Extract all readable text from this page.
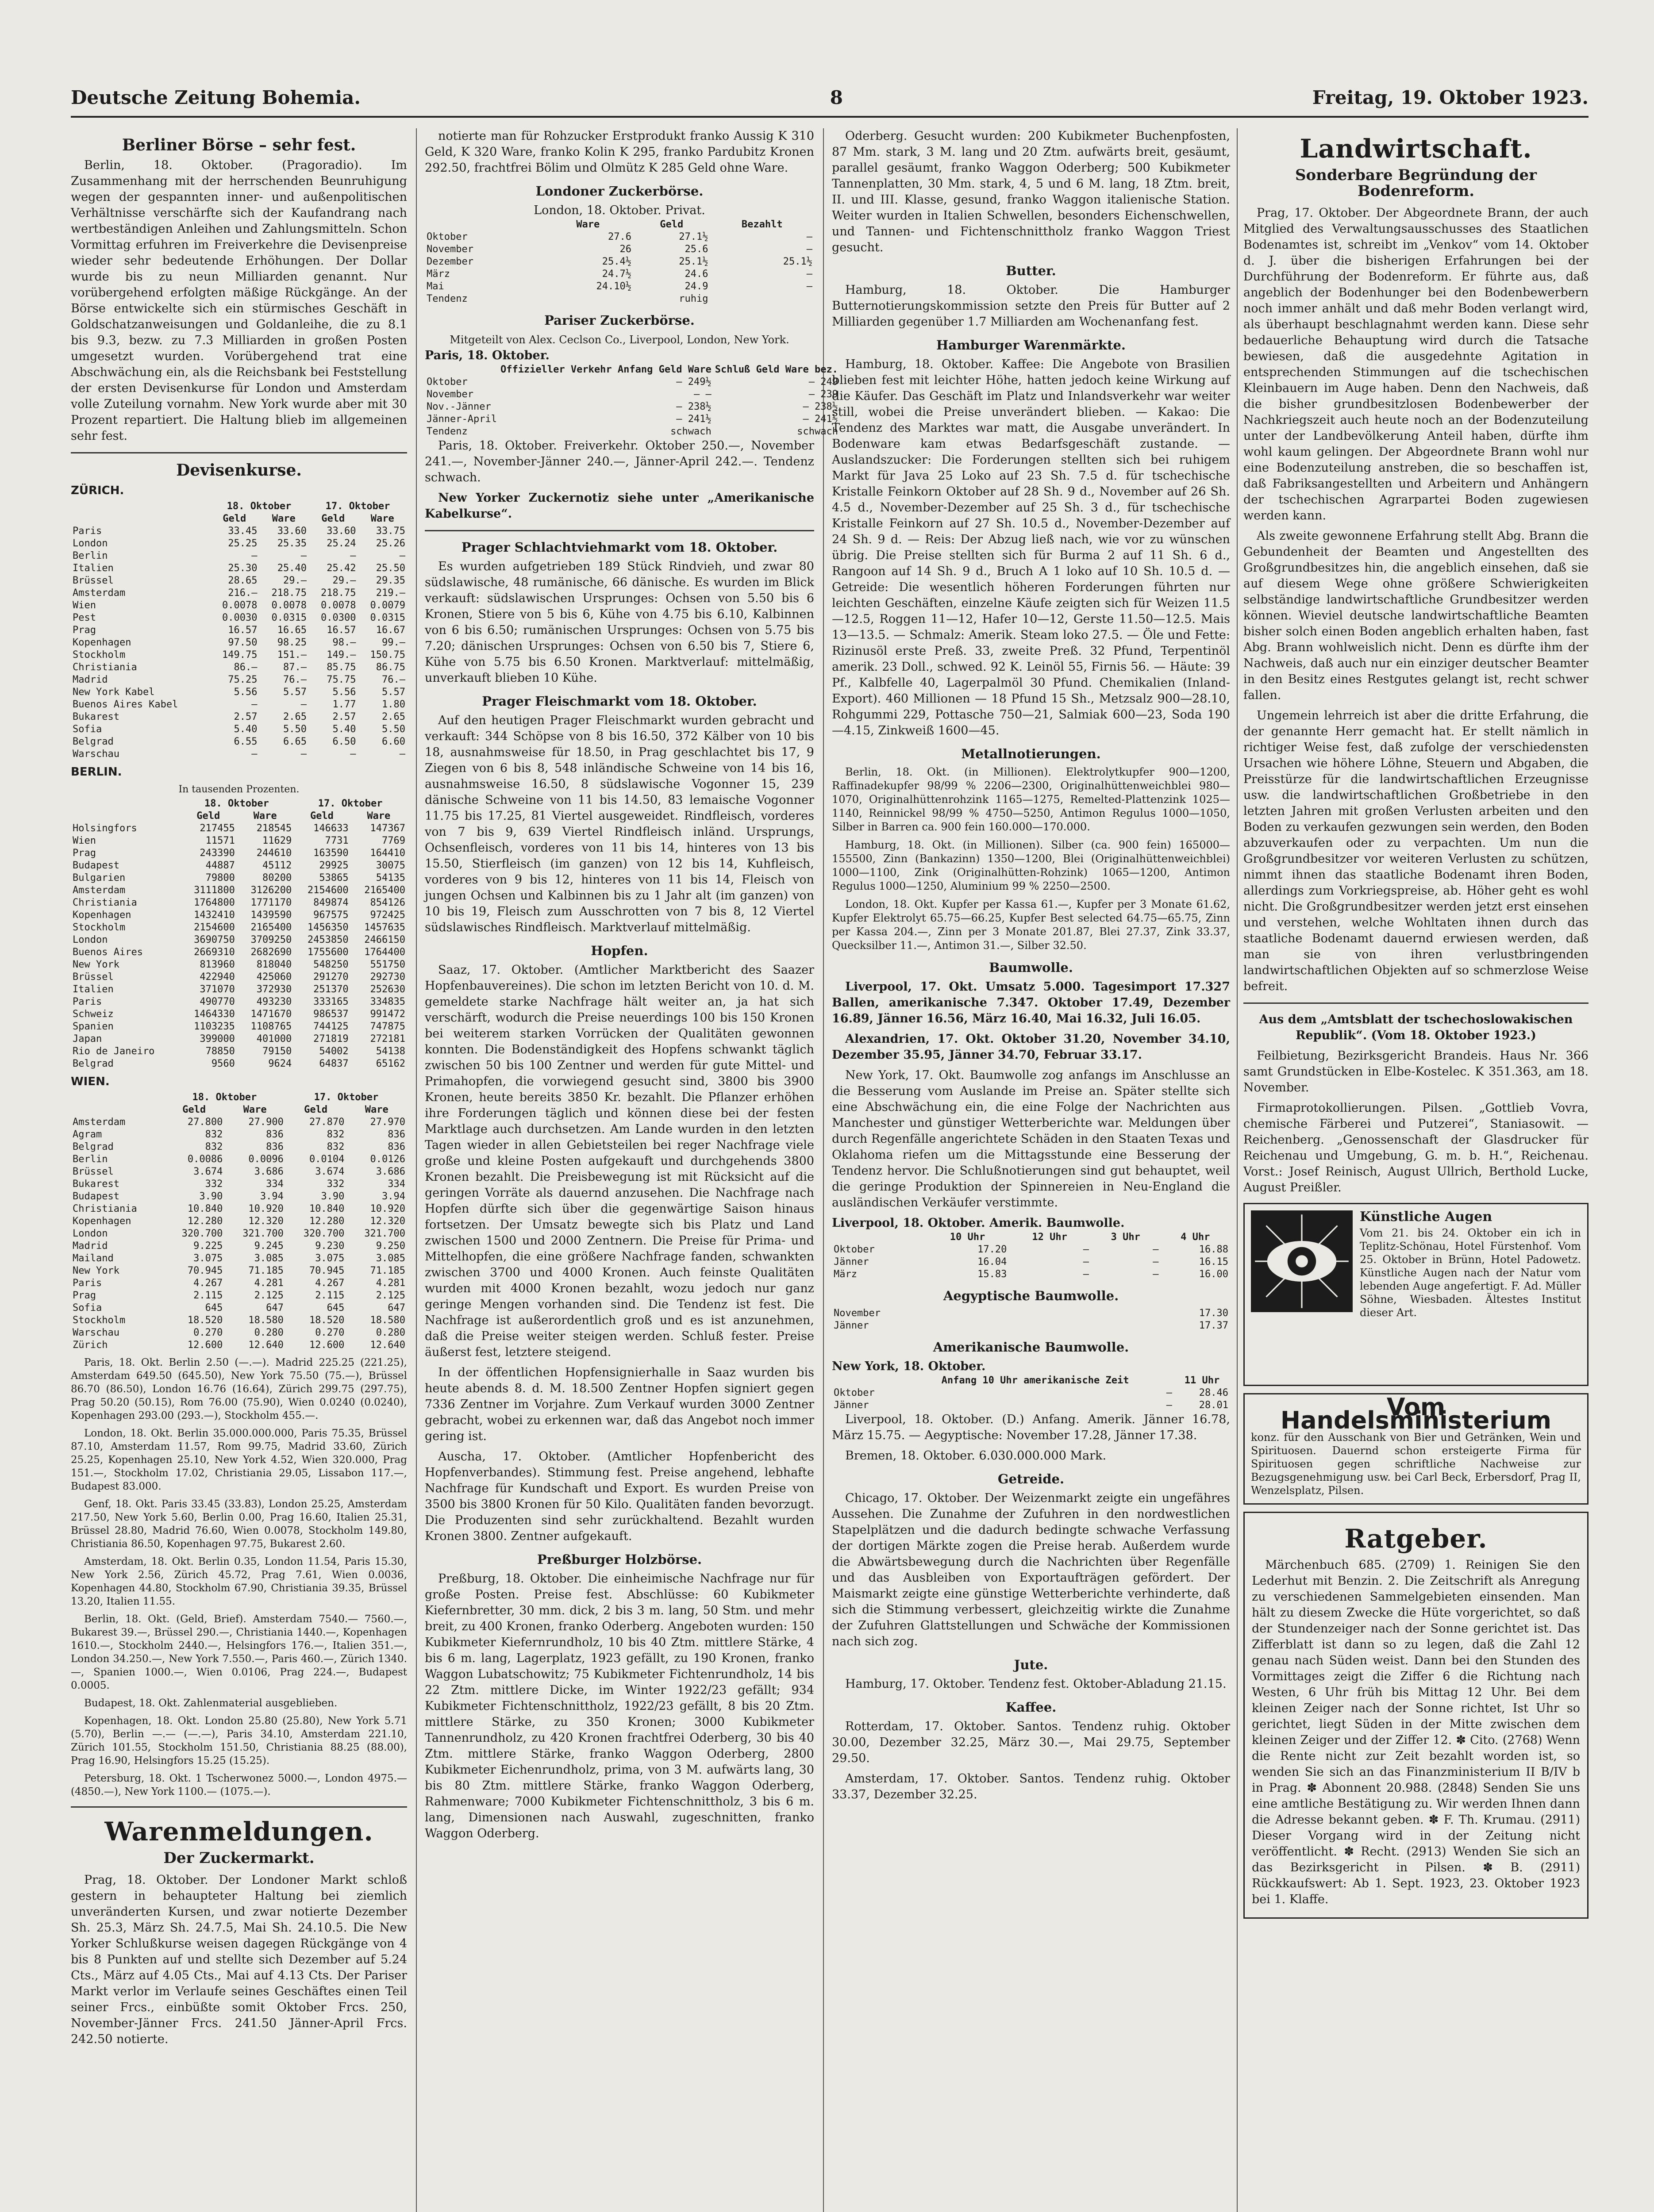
Deutsche Zeitung Bohemia.	8	Freitag, 19. Oktober 1923.
Berliner Börse – sehr fest.

Berlin, 18. Oktober. (Pragoradio). Im Zusammenhang mit der herrschenden Beunruhigung wegen der gespannten inner- und außenpolitischen Verhältnisse verschärfte sich der Kaufandrang nach wertbeständigen Anleihen und Zahlungsmitteln. Schon Vormittag erfuhren im Freiverkehre die Devisenpreise wieder sehr bedeutende Erhöhungen. Der Dollar wurde bis zu neun Milliarden genannt. Nur vorübergehend erfolgten mäßige Rückgänge. An der Börse entwickelte sich ein stürmisches Geschäft in Goldschatzanweisungen und Goldanleihe, die zu 8.1 bis 9.3, bezw. zu 7.3 Milliarden in großen Posten umgesetzt wurden. Vorübergehend trat eine Abschwächung ein, als die Reichsbank bei Feststellung der ersten Devisenkurse für London und Amsterdam volle Zuteilung vornahm. New York wurde aber mit 30 Prozent repartiert. Die Haltung blieb im allgemeinen sehr fest.

Devisenkurse.
ZÜRICH.
	18. Oktober		17. Oktober	
	Geld	Ware	Geld	Ware
Paris	33.45	33.60	33.60	33.75
London	25.25	25.35	25.24	25.26
Berlin	–	–	–	–
Italien	25.30	25.40	25.42	25.50
Brüssel	28.65	29.–	29.–	29.35
Amsterdam	216.–	218.75	218.75	219.–
Wien	0.0078	0.0078	0.0078	0.0079
Pest	0.0030	0.0315	0.0300	0.0315
Prag	16.57	16.65	16.57	16.67
Kopenhagen	97.50	98.25	98.–	99.–
Stockholm	149.75	151.–	149.–	150.75
Christiania	86.–	87.–	85.75	86.75
Madrid	75.25	76.–	75.75	76.–
New York Kabel	5.56	5.57	5.56	5.57
Buenos Aires Kabel	–	–	1.77	1.80
Bukarest	2.57	2.65	2.57	2.65
Sofia	5.40	5.50	5.40	5.50
Belgrad	6.55	6.65	6.50	6.60
Warschau	–	–	–	–
BERLIN.
In tausenden Prozenten.
	18. Oktober		17. Oktober	
	Geld	Ware	Geld	Ware
Holsingfors	217455	218545	146633	147367
Wien	11571	11629	7731	7769
Prag	243390	244610	163590	164410
Budapest	44887	45112	29925	30075
Bulgarien	79800	80200	53865	54135
Amsterdam	3111800	3126200	2154600	2165400
Christiania	1764800	1771170	849874	854126
Kopenhagen	1432410	1439590	967575	972425
Stockholm	2154600	2165400	1456350	1457635
London	3690750	3709250	2453850	2466150
Buenos Aires	2669310	2682690	1755600	1764400
New York	813960	818040	548250	551750
Brüssel	422940	425060	291270	292730
Italien	371070	372930	251370	252630
Paris	490770	493230	333165	334835
Schweiz	1464330	1471670	986537	991472
Spanien	1103235	1108765	744125	747875
Japan	399000	401000	271819	272181
Rio de Janeiro	78850	79150	54002	54138
Belgrad	9560	9624	64837	65162
WIEN.
	18. Oktober		17. Oktober	
	Geld	Ware	Geld	Ware
Amsterdam	27.800	27.900	27.870	27.970
Agram	832	836	832	836
Belgrad	832	836	832	836
Berlin	0.0086	0.0096	0.0104	0.0126
Brüssel	3.674	3.686	3.674	3.686
Bukarest	332	334	332	334
Budapest	3.90	3.94	3.90	3.94
Christiania	10.840	10.920	10.840	10.920
Kopenhagen	12.280	12.320	12.280	12.320
London	320.700	321.700	320.700	321.700
Madrid	9.225	9.245	9.230	9.250
Mailand	3.075	3.085	3.075	3.085
New York	70.945	71.185	70.945	71.185
Paris	4.267	4.281	4.267	4.281
Prag	2.115	2.125	2.115	2.125
Sofia	645	647	645	647
Stockholm	18.520	18.580	18.520	18.580
Warschau	0.270	0.280	0.270	0.280
Zürich	12.600	12.640	12.600	12.640

Paris, 18. Okt. Berlin 2.50 (—.—). Madrid 225.25 (221.25), Amsterdam 649.50 (645.50), New York 75.50 (75.—), Brüssel 86.70 (86.50), London 16.76 (16.64), Zürich 299.75 (297.75), Prag 50.20 (50.15), Rom 76.00 (75.90), Wien 0.0240 (0.0240), Kopenhagen 293.00 (293.—), Stockholm 455.—.

London, 18. Okt. Berlin 35.000.000.000, Paris 75.35, Brüssel 87.10, Amsterdam 11.57, Rom 99.75, Madrid 33.60, Zürich 25.25, Kopenhagen 25.10, New York 4.52, Wien 320.000, Prag 151.—, Stockholm 17.02, Christiania 29.05, Lissabon 117.—, Budapest 83.000.

Genf, 18. Okt. Paris 33.45 (33.83), London 25.25, Amsterdam 217.50, New York 5.60, Berlin 0.00, Prag 16.60, Italien 25.31, Brüssel 28.80, Madrid 76.60, Wien 0.0078, Stockholm 149.80, Christiania 86.50, Kopenhagen 97.75, Bukarest 2.60.

Amsterdam, 18. Okt. Berlin 0.35, London 11.54, Paris 15.30, New York 2.56, Zürich 45.72, Prag 7.61, Wien 0.0036, Kopenhagen 44.80, Stockholm 67.90, Christiania 39.35, Brüssel 13.20, Italien 11.55.

Berlin, 18. Okt. (Geld, Brief). Amsterdam 7540.— 7560.—, Bukarest 39.—, Brüssel 290.—, Christiania 1440.—, Kopenhagen 1610.—, Stockholm 2440.—, Helsingfors 176.—, Italien 351.—, London 34.250.—, New York 7.550.—, Paris 460.—, Zürich 1340.—, Spanien 1000.—, Wien 0.0106, Prag 224.—, Budapest 0.0005.

Budapest, 18. Okt. Zahlenmaterial ausgeblieben.

Kopenhagen, 18. Okt. London 25.80 (25.80), New York 5.71 (5.70), Berlin —.— (—.—), Paris 34.10, Amsterdam 221.10, Zürich 101.55, Stockholm 151.50, Christiania 88.25 (88.00), Prag 16.90, Helsingfors 15.25 (15.25).

Petersburg, 18. Okt. 1 Tscherwonez 5000.—, London 4975.— (4850.—), New York 1100.— (1075.—).

Warenmeldungen.
Der Zuckermarkt.

Prag, 18. Oktober. Der Londoner Markt schloß gestern in behaupteter Haltung bei ziemlich unveränderten Kursen, und zwar notierte Dezember Sh. 25.3, März Sh. 24.7.5, Mai Sh. 24.10.5. Die New Yorker Schlußkurse weisen dagegen Rückgänge von 4 bis 8 Punkten auf und stellte sich Dezember auf 5.24 Cts., März auf 4.05 Cts., Mai auf 4.13 Cts. Der Pariser Markt verlor im Verlaufe seines Geschäftes einen Teil seiner Frcs., einbüßte somit Oktober Frcs. 250, November-Jänner Frcs. 241.50 Jänner-April Frcs. 242.50 notierte.

notierte man für Rohzucker Erstprodukt franko Aussig K 310 Geld, K 320 Ware, franko Kolin K 295, franko Pardubitz Kronen 292.50, frachtfrei Bölim und Olmütz K 285 Geld ohne Ware.

Londoner Zuckerbörse.
London, 18. Oktober. Privat.
	Ware	Geld	Bezahlt
Oktober	27.6	27.1½	—
November	26	25.6	—
Dezember	25.4½	25.1½	25.1½
März	24.7½	24.6	—
Mai	24.10½	24.9	—
Tendenz		ruhig	
Pariser Zuckerbörse.
Mitgeteilt von Alex. Ceclson Co., Liverpool, London, New York.
Paris, 18. Oktober.
	Offizieller Verkehr Anfang Geld Ware	Schluß Geld Ware bez.
Oktober	— 249½	— 249
November	— —	— 239
Nov.-Jänner	— 238½	— 238½
Jänner-April	— 241½	— 241½
Tendenz	schwach	schwach

Paris, 18. Oktober. Freiverkehr. Oktober 250.—, November 241.—, November-Jänner 240.—, Jänner-April 242.—. Tendenz schwach.

New Yorker Zuckernotiz siehe unter „Amerikanische Kabelkurse“.

Prager Schlachtviehmarkt vom 18. Oktober.

Es wurden aufgetrieben 189 Stück Rindvieh, und zwar 80 südslawische, 48 rumänische, 66 dänische. Es wurden im Blick verkauft: südslawischen Ursprunges: Ochsen von 5.50 bis 6 Kronen, Stiere von 5 bis 6, Kühe von 4.75 bis 6.10, Kalbinnen von 6 bis 6.50; rumänischen Ursprunges: Ochsen von 5.75 bis 7.20; dänischen Ursprunges: Ochsen von 6.50 bis 7, Stiere 6, Kühe von 5.75 bis 6.50 Kronen. Marktverlauf: mittelmäßig, unverkauft blieben 10 Kühe.

Prager Fleischmarkt vom 18. Oktober.

Auf den heutigen Prager Fleischmarkt wurden gebracht und verkauft: 344 Schöpse von 8 bis 16.50, 372 Kälber von 10 bis 18, ausnahmsweise für 18.50, in Prag geschlachtet bis 17, 9 Ziegen von 6 bis 8, 548 inländische Schweine von 14 bis 16, ausnahmsweise 16.50, 8 südslawische Vogonner 15, 239 dänische Schweine von 11 bis 14.50, 83 lemaische Vogonner 11.75 bis 17.25, 81 Viertel ausgeweidet. Rindfleisch, vorderes von 7 bis 9, 639 Viertel Rindfleisch inländ. Ursprungs, Ochsenfleisch, vorderes von 11 bis 14, hinteres von 13 bis 15.50, Stierfleisch (im ganzen) von 12 bis 14, Kuhfleisch, vorderes von 9 bis 12, hinteres von 11 bis 14, Fleisch von jungen Ochsen und Kalbinnen bis zu 1 Jahr alt (im ganzen) von 10 bis 19, Fleisch zum Ausschrotten von 7 bis 8, 12 Viertel südslawisches Rindfleisch. Marktverlauf mittelmäßig.

Hopfen.

Saaz, 17. Oktober. (Amtlicher Marktbericht des Saazer Hopfenbauvereines). Die schon im letzten Bericht von 10. d. M. gemeldete starke Nachfrage hält weiter an, ja hat sich verschärft, wodurch die Preise neuerdings 100 bis 150 Kronen bei weiterem starken Vorrücken der Qualitäten gewonnen konnten. Die Bodenständigkeit des Hopfens schwankt täglich zwischen 50 bis 100 Zentner und werden für gute Mittel- und Primahopfen, die vorwiegend gesucht sind, 3800 bis 3900 Kronen, heute bereits 3850 Kr. bezahlt. Die Pflanzer erhöhen ihre Forderungen täglich und können diese bei der festen Marktlage auch durchsetzen. Am Lande wurden in den letzten Tagen wieder in allen Gebietsteilen bei reger Nachfrage viele große und kleine Posten aufgekauft und durchgehends 3800 Kronen bezahlt. Die Preisbewegung ist mit Rücksicht auf die geringen Vorräte als dauernd anzusehen. Die Nachfrage nach Hopfen dürfte sich über die gegenwärtige Saison hinaus fortsetzen. Der Umsatz bewegte sich bis Platz und Land zwischen 1500 und 2000 Zentnern. Die Preise für Prima- und Mittelhopfen, die eine größere Nachfrage fanden, schwankten zwischen 3700 und 4000 Kronen. Auch feinste Qualitäten wurden mit 4000 Kronen bezahlt, wozu jedoch nur ganz geringe Mengen vorhanden sind. Die Tendenz ist fest. Die Nachfrage ist außerordentlich groß und es ist anzunehmen, daß die Preise weiter steigen werden. Schluß fester. Preise äußerst fest, letztere steigend.

In der öffentlichen Hopfensignierhalle in Saaz wurden bis heute abends 8. d. M. 18.500 Zentner Hopfen signiert gegen 7336 Zentner im Vorjahre. Zum Verkauf wurden 3000 Zentner gebracht, wobei zu erkennen war, daß das Angebot noch immer gering ist.

Auscha, 17. Oktober. (Amtlicher Hopfenbericht des Hopfenverbandes). Stimmung fest. Preise angehend, lebhafte Nachfrage für Kundschaft und Export. Es wurden Preise von 3500 bis 3800 Kronen für 50 Kilo. Qualitäten fanden bevorzugt. Die Produzenten sind sehr zurückhaltend. Bezahlt wurden Kronen 3800. Zentner aufgekauft.

Preßburger Holzbörse.

Preßburg, 18. Oktober. Die einheimische Nachfrage nur für große Posten. Preise fest. Abschlüsse: 60 Kubikmeter Kiefernbretter, 30 mm. dick, 2 bis 3 m. lang, 50 Stm. und mehr breit, zu 400 Kronen, franko Oderberg. Angeboten wurden: 150 Kubikmeter Kiefernrundholz, 10 bis 40 Ztm. mittlere Stärke, 4 bis 6 m. lang, Lagerplatz, 1923 gefällt, zu 190 Kronen, franko Waggon Lubatschowitz; 75 Kubikmeter Fichtenrundholz, 14 bis 22 Ztm. mittlere Dicke, im Winter 1922/23 gefällt; 934 Kubikmeter Fichtenschnittholz, 1922/23 gefällt, 8 bis 20 Ztm. mittlere Stärke, zu 350 Kronen; 3000 Kubikmeter Tannenrundholz, zu 420 Kronen frachtfrei Oderberg, 30 bis 40 Ztm. mittlere Stärke, franko Waggon Oderberg, 2800 Kubikmeter Eichenrundholz, prima, von 3 M. aufwärts lang, 30 bis 80 Ztm. mittlere Stärke, franko Waggon Oderberg, Rahmenware; 7000 Kubikmeter Fichtenschnittholz, 3 bis 6 m. lang, Dimensionen nach Auswahl, zugeschnitten, franko Waggon Oderberg.

Oderberg. Gesucht wurden: 200 Kubikmeter Buchenpfosten, 87 Mm. stark, 3 M. lang und 20 Ztm. aufwärts breit, gesäumt, parallel gesäumt, franko Waggon Oderberg; 500 Kubikmeter Tannenplatten, 30 Mm. stark, 4, 5 und 6 M. lang, 18 Ztm. breit, II. und III. Klasse, gesund, franko Waggon italienische Station. Weiter wurden in Italien Schwellen, besonders Eichenschwellen, und Tannen- und Fichtenschnittholz franko Waggon Triest gesucht.

Butter.

Hamburg, 18. Oktober. Die Hamburger Butternotierungskommission setzte den Preis für Butter auf 2 Milliarden gegenüber 1.7 Milliarden am Wochenanfang fest.

Hamburger Warenmärkte.

Hamburg, 18. Oktober. Kaffee: Die Angebote von Brasilien blieben fest mit leichter Höhe, hatten jedoch keine Wirkung auf die Käufer. Das Geschäft im Platz und Inlandsverkehr war weiter still, wobei die Preise unverändert blieben. — Kakao: Die Tendenz des Marktes war matt, die Ausgabe unverändert. In Bodenware kam etwas Bedarfsgeschäft zustande. — Auslandszucker: Die Forderungen stellten sich bei ruhigem Markt für Java 25 Loko auf 23 Sh. 7.5 d. für tschechische Kristalle Feinkorn Oktober auf 28 Sh. 9 d., November auf 26 Sh. 4.5 d., November-Dezember auf 25 Sh. 3 d., für tschechische Kristalle Feinkorn auf 27 Sh. 10.5 d., November-Dezember auf 24 Sh. 9 d. — Reis: Der Abzug ließ nach, wie vor zu wünschen übrig. Die Preise stellten sich für Burma 2 auf 11 Sh. 6 d., Rangoon auf 14 Sh. 9 d., Bruch A 1 loko auf 10 Sh. 10.5 d. — Getreide: Die wesentlich höheren Forderungen führten nur leichten Geschäften, einzelne Käufe zeigten sich für Weizen 11.5—12.5, Roggen 11—12, Hafer 10—12, Gerste 11.50—12.5. Mais 13—13.5. — Schmalz: Amerik. Steam loko 27.5. — Öle und Fette: Rizinusöl erste Preß. 33, zweite Preß. 32 Pfund, Terpentinöl amerik. 23 Doll., schwed. 92 K. Leinöl 55, Firnis 56. — Häute: 39 Pf., Kalbfelle 40, Lagerpalmöl 30 Pfund. Chemikalien (Inland-Export). 460 Millionen — 18 Pfund 15 Sh., Metzsalz 900—28.10, Rohgummi 229, Pottasche 750—21, Salmiak 600—23, Soda 190—4.15, Zinkweiß 1600—45.

Metallnotierungen.

Berlin, 18. Okt. (in Millionen). Elektrolytkupfer 900—1200, Raffinadekupfer 98/99 % 2206—2300, Originalhüttenweichblei 980—1070, Originalhüttenrohzink 1165—1275, Remelted-Plattenzink 1025—1140, Reinnickel 98/99 % 4750—5250, Antimon Regulus 1000—1050, Silber in Barren ca. 900 fein 160.000—170.000.

Hamburg, 18. Okt. (in Millionen). Silber (ca. 900 fein) 165000—155500, Zinn (Bankazinn) 1350—1200, Blei (Originalhüttenweichblei) 1000—1100, Zink (Originalhütten-Rohzink) 1065—1200, Antimon Regulus 1000—1250, Aluminium 99 % 2250—2500.

London, 18. Okt. Kupfer per Kassa 61.—, Kupfer per 3 Monate 61.62, Kupfer Elektrolyt 65.75—66.25, Kupfer Best selected 64.75—65.75, Zinn per Kassa 204.—, Zinn per 3 Monate 201.87, Blei 27.37, Zink 33.37, Quecksilber 11.—, Antimon 31.—, Silber 32.50.

Baumwolle.

Liverpool, 17. Okt. Umsatz 5.000. Tagesimport 17.327 Ballen, amerikanische 7.347. Oktober 17.49, Dezember 16.89, Jänner 16.56, März 16.40, Mai 16.32, Juli 16.05.

Alexandrien, 17. Okt. Oktober 31.20, November 34.10, Dezember 35.95, Jänner 34.70, Februar 33.17.

New York, 17. Okt. Baumwolle zog anfangs im Anschlusse an die Besserung vom Auslande im Preise an. Später stellte sich eine Abschwächung ein, die eine Folge der Nachrichten aus Manchester und günstiger Wetterberichte war. Meldungen über durch Regenfälle angerichtete Schäden in den Staaten Texas und Oklahoma riefen um die Mittagsstunde eine Besserung der Tendenz hervor. Die Schlußnotierungen sind gut behauptet, weil die geringe Produktion der Spinnereien in Neu-England die ausländischen Verkäufer verstimmte.

Liverpool, 18. Oktober. Amerik. Baumwolle.
	10 Uhr	12 Uhr	3 Uhr	4 Uhr
Oktober	17.20	—	—	16.88
Jänner	16.04	—	—	16.15
März	15.83	—	—	16.00
Aegyptische Baumwolle.
November	17.30
Jänner	17.37
Amerikanische Baumwolle.
New York, 18. Oktober.
	Anfang 10 Uhr amerikanische Zeit	11 Uhr
Oktober	—	28.46
Jänner	—	28.01

Liverpool, 18. Oktober. (D.) Anfang. Amerik. Jänner 16.78, März 15.75. — Aegyptische: November 17.28, Jänner 17.38.

Bremen, 18. Oktober. 6.030.000.000 Mark.

Getreide.

Chicago, 17. Oktober. Der Weizenmarkt zeigte ein ungefähres Aussehen. Die Zunahme der Zufuhren in den nordwestlichen Stapelplätzen und die dadurch bedingte schwache Verfassung der dortigen Märkte zogen die Preise herab. Außerdem wurde die Abwärtsbewegung durch die Nachrichten über Regenfälle und das Ausbleiben von Exportaufträgen gefördert. Der Maismarkt zeigte eine günstige Wetterberichte verhinderte, daß sich die Stimmung verbessert, gleichzeitig wirkte die Zunahme der Zufuhren Glattstellungen und Schwäche der Kommissionen nach sich zog.

Jute.

Hamburg, 17. Oktober. Tendenz fest. Oktober-Abladung 21.15.

Kaffee.

Rotterdam, 17. Oktober. Santos. Tendenz ruhig. Oktober 30.00, Dezember 32.25, März 30.—, Mai 29.75, September 29.50.

Amsterdam, 17. Oktober. Santos. Tendenz ruhig. Oktober 33.37, Dezember 32.25.

Landwirtschaft.
Sonderbare Begründung der Bodenreform.

Prag, 17. Oktober. Der Abgeordnete Brann, der auch Mitglied des Verwaltungsausschusses des Staatlichen Bodenamtes ist, schreibt im „Venkov“ vom 14. Oktober d. J. über die bisherigen Erfahrungen bei der Durchführung der Bodenreform. Er führte aus, daß angeblich der Bodenhunger bei den Bodenbewerbern noch immer anhält und daß mehr Boden verlangt wird, als überhaupt beschlagnahmt werden kann. Diese sehr bedauerliche Behauptung wird durch die Tatsache bewiesen, daß die ausgedehnte Agitation in entsprechenden Stimmungen auf die tschechischen Kleinbauern im Auge haben. Denn den Nachweis, daß die bisher grundbesitzlosen Bodenbewerber der Nachkriegszeit auch heute noch an der Bodenzuteilung unter der Landbevölkerung Anteil haben, dürfte ihm wohl kaum gelingen. Der Abgeordnete Brann wohl nur eine Bodenzuteilung anstreben, die so beschaffen ist, daß Fabriksangestellten und Arbeitern und Anhängern der tschechischen Agrarpartei Boden zugewiesen werden kann.

Als zweite gewonnene Erfahrung stellt Abg. Brann die Gebundenheit der Beamten und Angestellten des Großgrundbesitzes hin, die angeblich einsehen, daß sie auf diesem Wege ohne größere Schwierigkeiten selbständige landwirtschaftliche Grundbesitzer werden können. Wieviel deutsche landwirtschaftliche Beamten bisher solch einen Boden angeblich erhalten haben, fast Abg. Brann wohlweislich nicht. Denn es dürfte ihm der Nachweis, daß auch nur ein einziger deutscher Beamter in den Besitz eines Restgutes gelangt ist, recht schwer fallen.

Ungemein lehrreich ist aber die dritte Erfahrung, die der genannte Herr gemacht hat. Er stellt nämlich in richtiger Weise fest, daß zufolge der verschiedensten Ursachen wie höhere Löhne, Steuern und Abgaben, die Preisstürze für die landwirtschaftlichen Erzeugnisse usw. die landwirtschaftlichen Großbetriebe in den letzten Jahren mit großen Verlusten arbeiten und den Boden zu verkaufen gezwungen sein werden, den Boden abzuverkaufen oder zu verpachten. Um nun die Großgrundbesitzer vor weiteren Verlusten zu schützen, nimmt ihnen das staatliche Bodenamt ihren Boden, allerdings zum Vorkriegspreise, ab. Höher geht es wohl nicht. Die Großgrundbesitzer werden jetzt erst einsehen und verstehen, welche Wohltaten ihnen durch das staatliche Bodenamt dauernd erwiesen werden, daß man sie von ihren verlustbringenden landwirtschaftlichen Objekten auf so schmerzlose Weise befreit.

Aus dem „Amtsblatt der tschechoslowakischen Republik“. (Vom 18. Oktober 1923.)

Feilbietung, Bezirksgericht Brandeis. Haus Nr. 366 samt Grundstücken in Elbe-Kostelec. K 351.363, am 18. November.

Firmaprotokollierungen. Pilsen. „Gottlieb Vovra, chemische Färberei und Putzerei“, Staniasowit. — Reichenberg. „Genossenschaft der Glasdrucker für Reichenau und Umgebung, G. m. b. H.“, Reichenau. Vorst.: Josef Reinisch, August Ullrich, Berthold Lucke, August Preißler.

Künstliche Augen
Vom 21. bis 24. Oktober ein ich in Teplitz-Schönau, Hotel Fürstenhof. Vom 25. Oktober in Brünn, Hotel Padowetz. Künstliche Augen nach der Natur vom lebenden Auge angefertigt. F. Ad. Müller Söhne, Wiesbaden. Ältestes Institut dieser Art.
Vom Handelsministerium
konz. für den Ausschank von Bier und Getränken, Wein und Spirituosen. Dauernd schon ersteigerte Firma für Spirituosen gegen schriftliche Nachweise zur Bezugsgenehmigung usw. bei Carl Beck, Erbersdorf, Prag II, Wenzelsplatz, Pilsen.
Ratgeber.

Märchenbuch 685. (2709) 1. Reinigen Sie den Lederhut mit Benzin. 2. Die Zeitschrift als Anregung zu verschiedenen Sammelgebieten einsenden. Man hält zu diesem Zwecke die Hüte vorgerichtet, so daß der Stundenzeiger nach der Sonne gerichtet ist. Das Zifferblatt ist dann so zu legen, daß die Zahl 12 genau nach Süden weist. Dann bei den Stunden des Vormittages zeigt die Ziffer 6 die Richtung nach Westen, 6 Uhr früh bis Mittag 12 Uhr. Bei dem kleinen Zeiger nach der Sonne richtet, Ist Uhr so gerichtet, liegt Süden in der Mitte zwischen dem kleinen Zeiger und der Ziffer 12. ✽ Cito. (2768) Wenn die Rente nicht zur Zeit bezahlt worden ist, so wenden Sie sich an das Finanzministerium II B/IV b in Prag. ✽ Abonnent 20.988. (2848) Senden Sie uns eine amtliche Bestätigung zu. Wir werden Ihnen dann die Adresse bekannt geben. ✽ F. Th. Krumau. (2911) Dieser Vorgang wird in der Zeitung nicht veröffentlicht. ✽ Recht. (2913) Wenden Sie sich an das Bezirksgericht in Pilsen. ✽ B. (2911) Rückkaufswert: Ab 1. Sept. 1923, 23. Oktober 1923 bei 1. Klaffe.
